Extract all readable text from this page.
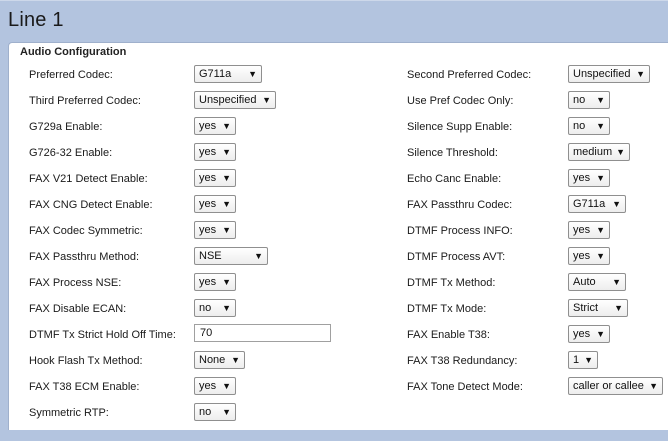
Line 1
Audio Configuration
Preferred Codec:	G711a ▼
Third Preferred Codec:	Unspecified ▼
G729a Enable:	yes ▼
G726-32 Enable:	yes ▼
FAX V21 Detect Enable:	yes ▼
FAX CNG Detect Enable:	yes ▼
FAX Codec Symmetric:	yes ▼
FAX Passthru Method:	NSE	▼
FAX Process NSE:	yes ▼
FAX Disable ECAN:	no ▼
DTMF Tx Strict Hold Off Time:	70
Hook Flash Tx Method:	None ▼
FAX T38 ECM Enable:	yes ▼
Symmetric RTP:	no ▼
Second Preferred Codec:	Unspecified ▼
Use Pref Codec Only:	no ▼
Silence Supp Enable:	no ▼
Silence Threshold:	medium ▼
Echo Canc Enable:	yes ▼
FAX Passthru Codec:	G711a ▼
DTMF Process INFO:	yes ▼
DTMF Process AVT:	yes ▼
DTMF Tx Method:	Auto ▼
DTMF Tx Mode:	Strict ▼
FAX Enable T38:	yes ▼
FAX T38 Redundancy:	1 ▼
FAX Tone Detect Mode:	caller or callee ▼
